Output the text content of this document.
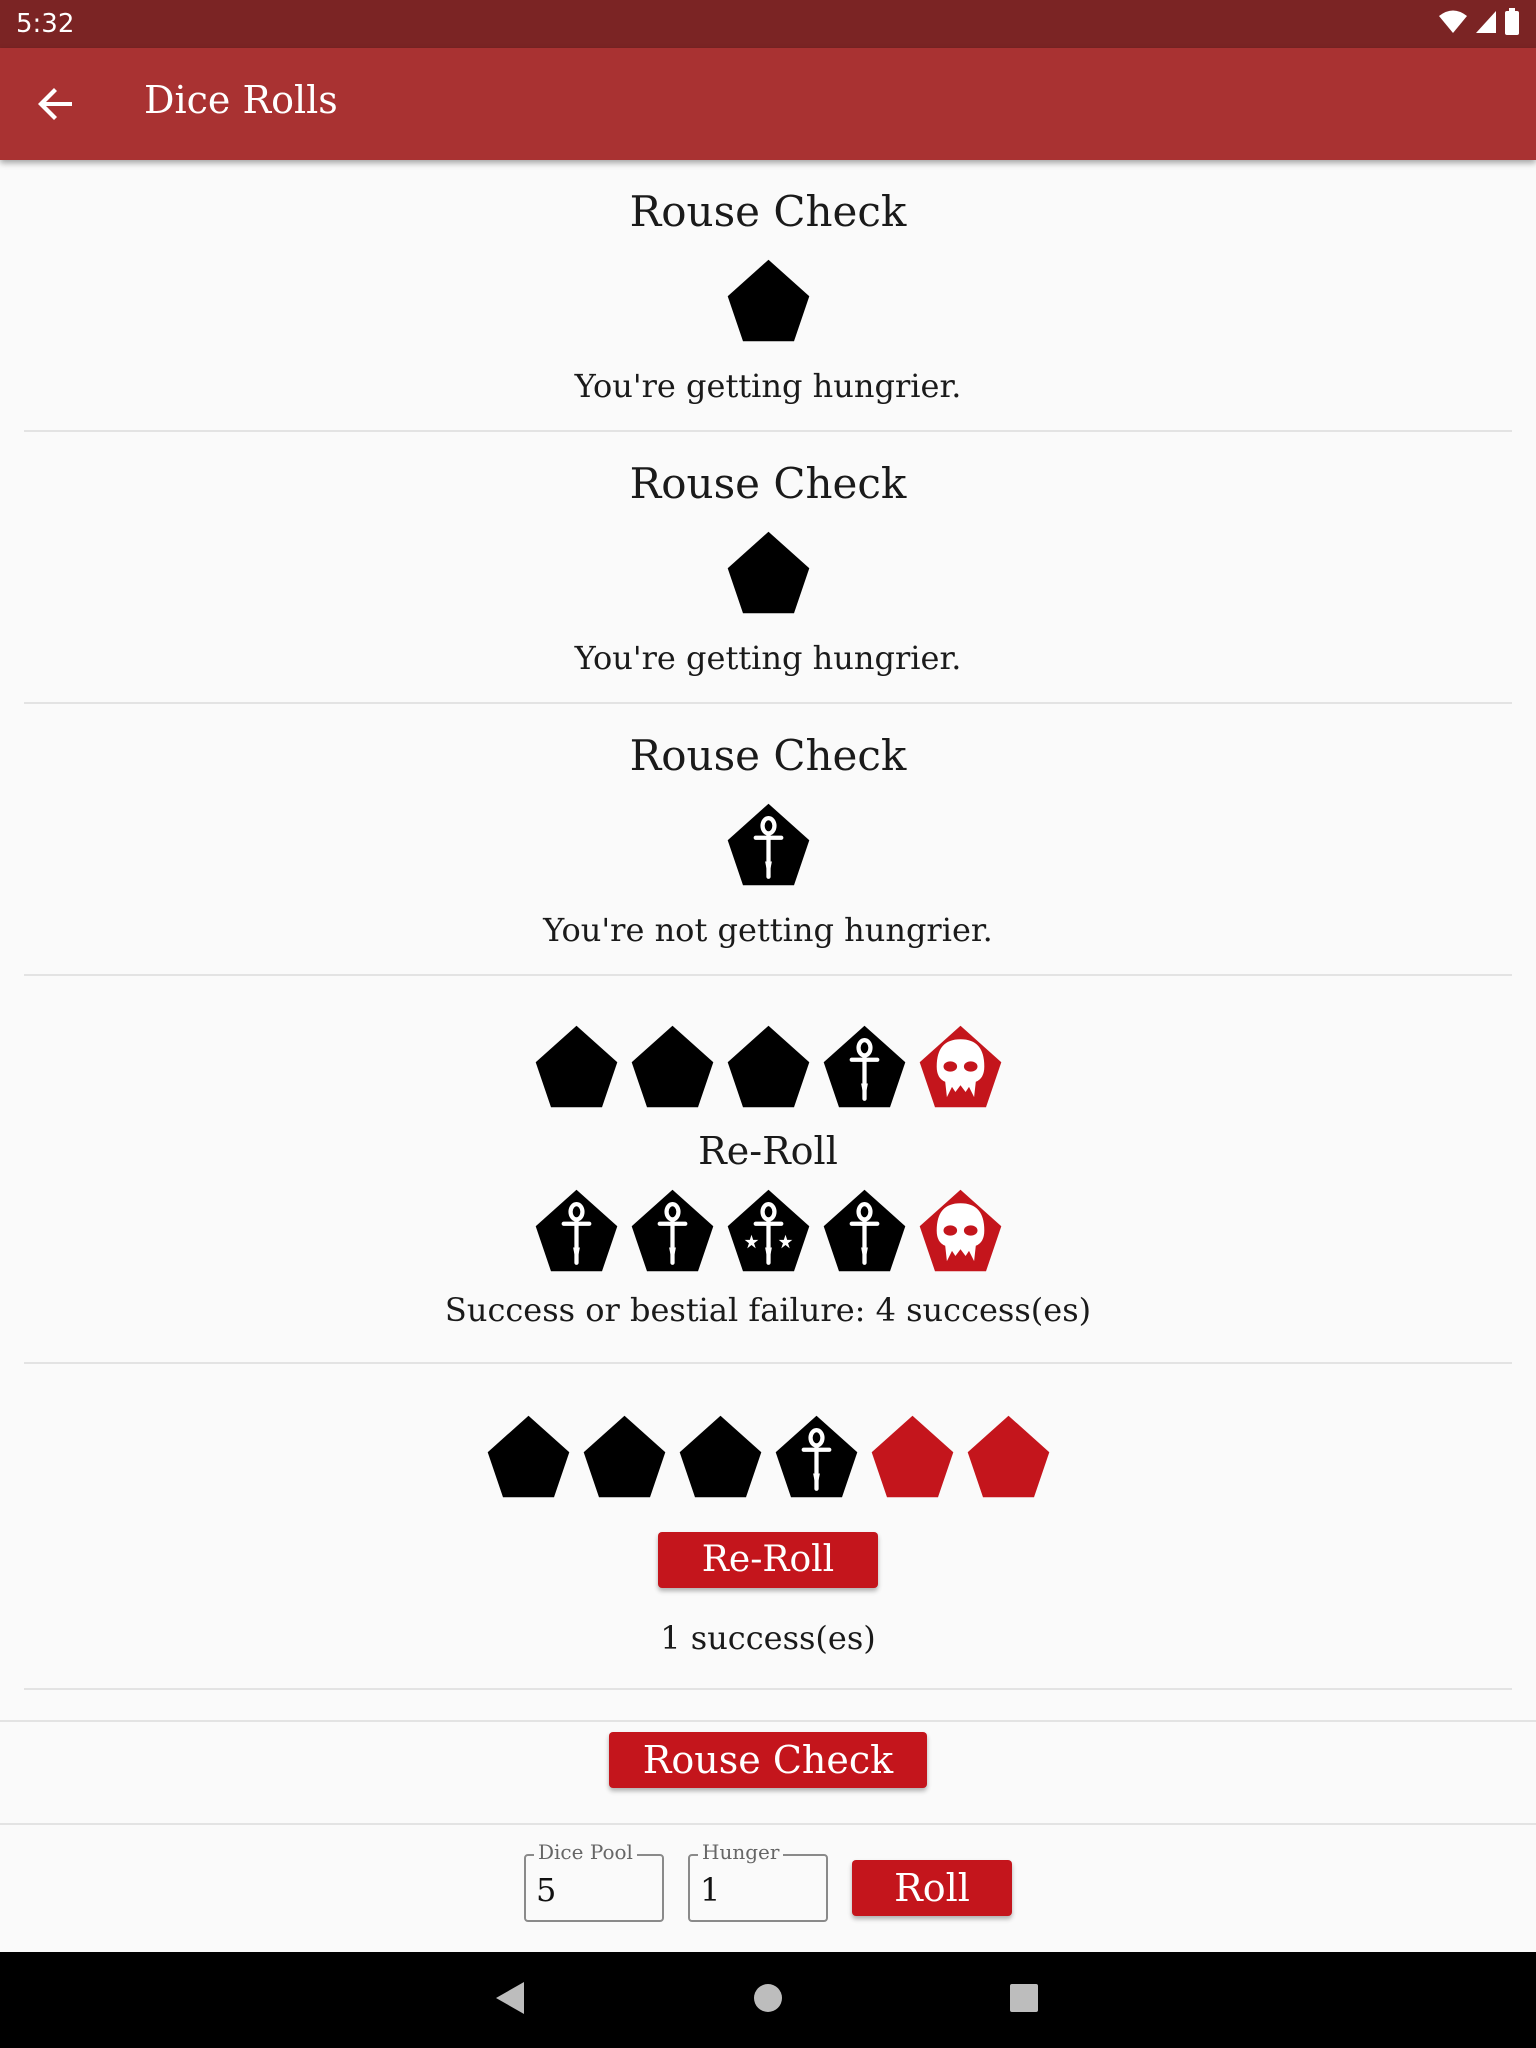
5:32
Dice Rolls
Rouse Check
You're getting hungrier.
Rouse Check
You're getting hungrier.
Rouse Check
You're not getting hungrier.
Re-Roll
Success or bestial failure: 4 success(es)
Re-Roll
1 success(es)
Rouse Check
Dice Pool
5
Hunger
1	Roll
